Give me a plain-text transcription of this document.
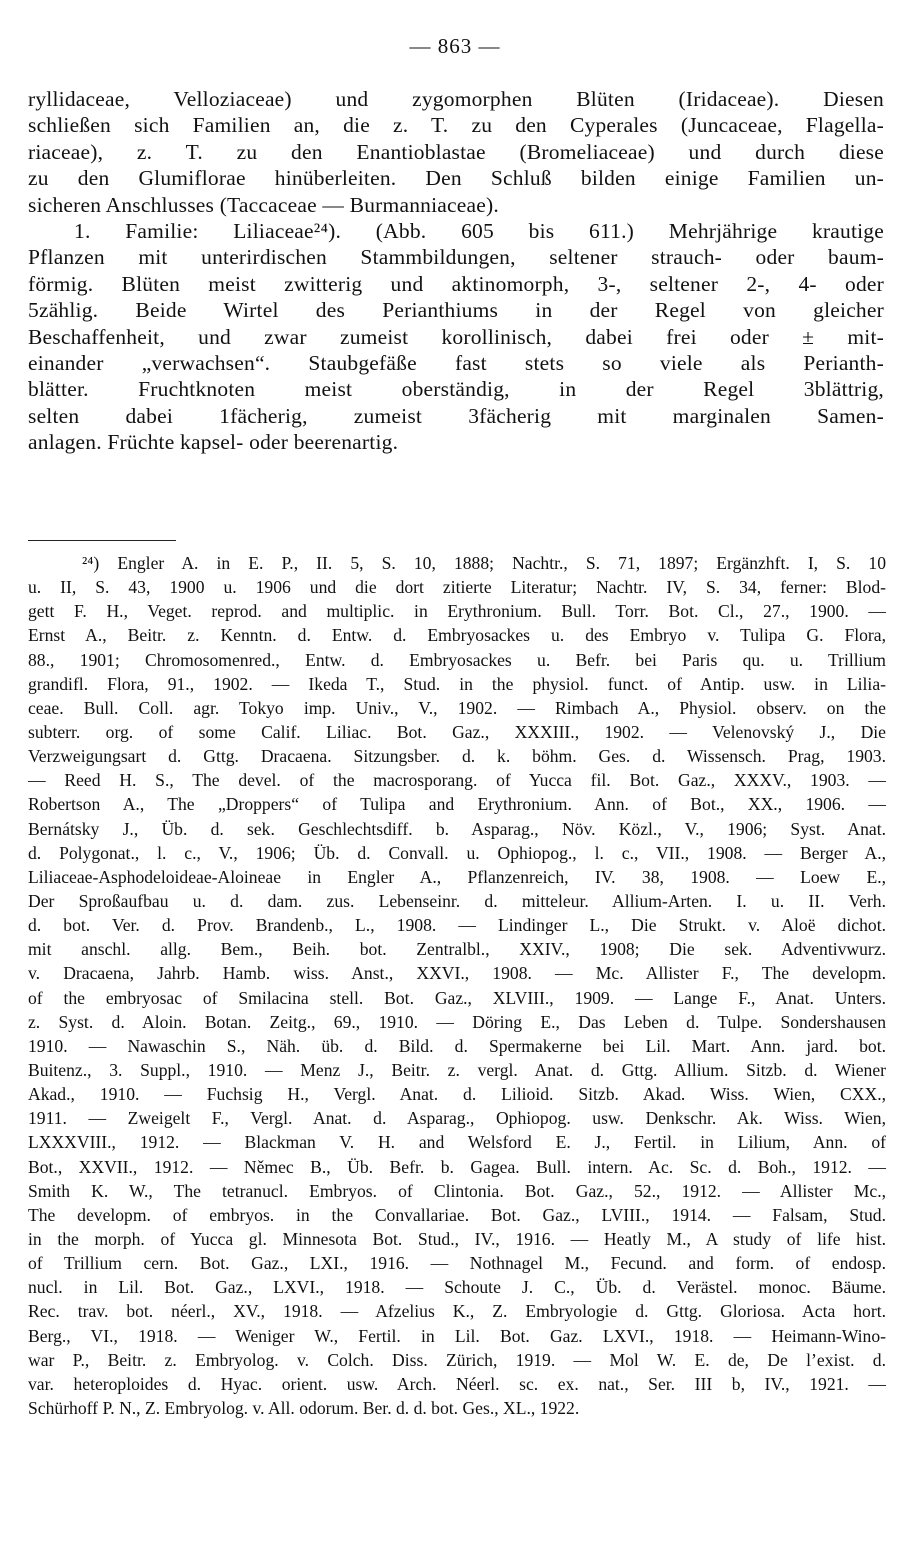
— 863 —
ryllidaceae, Velloziaceae) und zygomorphen Blüten (Iridaceae). Diesen
schließen sich Familien an, die z. T. zu den Cyperales (Juncaceae, Flagella-
riaceae), z. T. zu den Enantioblastae (Bromeliaceae) und durch diese
zu den Glumiflorae hinüberleiten. Den Schluß bilden einige Familien un-
sicheren Anschlusses (Taccaceae — Burmanniaceae).
1. Familie: Liliaceae²⁴). (Abb. 605 bis 611.) Mehrjährige krautige
Pflanzen mit unterirdischen Stammbildungen, seltener strauch- oder baum-
förmig. Blüten meist zwitterig und aktinomorph, 3-, seltener 2-, 4- oder
5zählig. Beide Wirtel des Perianthiums in der Regel von gleicher
Beschaffenheit, und zwar zumeist korollinisch, dabei frei oder ± mit-
einander „verwachsen“. Staubgefäße fast stets so viele als Perianth-
blätter. Fruchtknoten meist oberständig, in der Regel 3blättrig,
selten dabei 1fächerig, zumeist 3fächerig mit marginalen Samen-
anlagen. Früchte kapsel- oder beerenartig.
²⁴) Engler A. in E. P., II. 5, S. 10, 1888; Nachtr., S. 71, 1897; Ergänzhft. I, S. 10
u. II, S. 43, 1900 u. 1906 und die dort zitierte Literatur; Nachtr. IV, S. 34, ferner: Blod-
gett F. H., Veget. reprod. and multiplic. in Erythronium. Bull. Torr. Bot. Cl., 27., 1900. —
Ernst A., Beitr. z. Kenntn. d. Entw. d. Embryosackes u. des Embryo v. Tulipa G. Flora,
88., 1901; Chromosomenred., Entw. d. Embryosackes u. Befr. bei Paris qu. u. Trillium
grandifl. Flora, 91., 1902. — Ikeda T., Stud. in the physiol. funct. of Antip. usw. in Lilia-
ceae. Bull. Coll. agr. Tokyo imp. Univ., V., 1902. — Rimbach A., Physiol. observ. on the
subterr. org. of some Calif. Liliac. Bot. Gaz., XXXIII., 1902. — Velenovský J., Die
Verzweigungsart d. Gttg. Dracaena. Sitzungsber. d. k. böhm. Ges. d. Wissensch. Prag, 1903.
— Reed H. S., The devel. of the macrosporang. of Yucca fil. Bot. Gaz., XXXV., 1903. —
Robertson A., The „Droppers“ of Tulipa and Erythronium. Ann. of Bot., XX., 1906. —
Bernátsky J., Üb. d. sek. Geschlechtsdiff. b. Asparag., Növ. Közl., V., 1906; Syst. Anat.
d. Polygonat., l. c., V., 1906; Üb. d. Convall. u. Ophiopog., l. c., VII., 1908. — Berger A.,
Liliaceae-Asphodeloideae-Aloineae in Engler A., Pflanzenreich, IV. 38, 1908. — Loew E.,
Der Sproßaufbau u. d. dam. zus. Lebenseinr. d. mitteleur. Allium-Arten. I. u. II. Verh.
d. bot. Ver. d. Prov. Brandenb., L., 1908. — Lindinger L., Die Strukt. v. Aloë dichot.
mit anschl. allg. Bem., Beih. bot. Zentralbl., XXIV., 1908; Die sek. Adventivwurz.
v. Dracaena, Jahrb. Hamb. wiss. Anst., XXVI., 1908. — Mc. Allister F., The developm.
of the embryosac of Smilacina stell. Bot. Gaz., XLVIII., 1909. — Lange F., Anat. Unters.
z. Syst. d. Aloin. Botan. Zeitg., 69., 1910. — Döring E., Das Leben d. Tulpe. Sondershausen
1910. — Nawaschin S., Näh. üb. d. Bild. d. Spermakerne bei Lil. Mart. Ann. jard. bot.
Buitenz., 3. Suppl., 1910. — Menz J., Beitr. z. vergl. Anat. d. Gttg. Allium. Sitzb. d. Wiener
Akad., 1910. — Fuchsig H., Vergl. Anat. d. Lilioid. Sitzb. Akad. Wiss. Wien, CXX.,
1911. — Zweigelt F., Vergl. Anat. d. Asparag., Ophiopog. usw. Denkschr. Ak. Wiss. Wien,
LXXXVIII., 1912. — Blackman V. H. and Welsford E. J., Fertil. in Lilium, Ann. of
Bot., XXVII., 1912. — Němec B., Üb. Befr. b. Gagea. Bull. intern. Ac. Sc. d. Boh., 1912. —
Smith K. W., The tetranucl. Embryos. of Clintonia. Bot. Gaz., 52., 1912. — Allister Mc.,
The developm. of embryos. in the Convallariae. Bot. Gaz., LVIII., 1914. — Falsam, Stud.
in the morph. of Yucca gl. Minnesota Bot. Stud., IV., 1916. — Heatly M., A study of life hist.
of Trillium cern. Bot. Gaz., LXI., 1916. — Nothnagel M., Fecund. and form. of endosp.
nucl. in Lil. Bot. Gaz., LXVI., 1918. — Schoute J. C., Üb. d. Verästel. monoc. Bäume.
Rec. trav. bot. néerl., XV., 1918. — Afzelius K., Z. Embryologie d. Gttg. Gloriosa. Acta hort.
Berg., VI., 1918. — Weniger W., Fertil. in Lil. Bot. Gaz. LXVI., 1918. — Heimann-Wino-
war P., Beitr. z. Embryolog. v. Colch. Diss. Zürich, 1919. — Mol W. E. de, De l’exist. d.
var. heteroploides d. Hyac. orient. usw. Arch. Néerl. sc. ex. nat., Ser. III b, IV., 1921. —
Schürhoff P. N., Z. Embryolog. v. All. odorum. Ber. d. d. bot. Ges., XL., 1922.
